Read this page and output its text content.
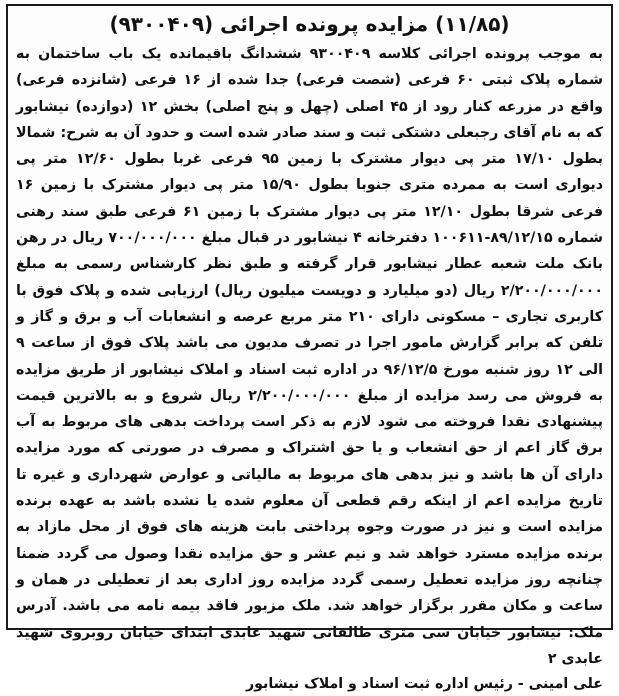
(۱۱/۸۵) مزایده پرونده اجرائی (۹۳۰۰۴۰۹)

به موجب پرونده اجرائی کلاسه ۹۳۰۰۴۰۹ ششدانگ باقیمانده یک باب ساختمان به شماره پلاک ثبتی ۶۰ فرعی (شصت فرعی) جدا شده از ۱۶ فرعی (شانزده فرعی) واقع در مزرعه کنار رود از ۴۵ اصلی (چهل و پنج اصلی) بخش ۱۲ (دوازده) نیشابور که به نام آقای رجبعلی دشتکی ثبت و سند صادر شده است و حدود آن به شرح: شمالا بطول ۱۷/۱۰ متر پی دیوار مشترک با زمین ۹۵ فرعی غربا بطول ۱۲/۶۰ متر پی دیواری است به ممرده متری جنوبا بطول ۱۵/۹۰ متر پی دیوار مشترک با زمین ۱۶ فرعی شرقا بطول ۱۲/۱۰ متر پی دیوار مشترک با زمین ۶۱ فرعی طبق سند رهنی شماره ۸۹/۱۲/۱۵-۱۰۰۶۱۱ دفترخانه ۴ نیشابور در قبال مبلغ ۷۰۰/۰۰۰/۰۰۰ ریال در رهن بانک ملت شعبه عطار نیشابور قرار گرفته و طبق نظر کارشناس رسمی به مبلغ ۲/۲۰۰/۰۰۰/۰۰۰ ریال (دو میلیارد و دویست میلیون ریال) ارزیابی شده و پلاک فوق با کاربری تجاری – مسکونی دارای ۲۱۰ متر مربع عرصه و انشعابات آب و برق و گاز و تلفن که برابر گزارش مامور اجرا در تصرف مدیون می باشد پلاک فوق از ساعت ۹ الی ۱۲ روز شنبه مورخ ۹۶/۱۲/۵ در اداره ثبت اسناد و املاک نیشابور از طریق مزایده به فروش می رسد مزایده از مبلغ ۲/۲۰۰/۰۰۰/۰۰۰ ریال شروع و به بالاترین قیمت پیشنهادی نقدا فروخته می شود لازم به ذکر است پرداخت بدهی های مربوط به آب برق گاز اعم از حق انشعاب و یا حق اشتراک و مصرف در صورتی که مورد مزایده دارای آن ها باشد و نیز بدهی های مربوط به مالیاتی و عوارض شهرداری و غیره تا تاریخ مزایده اعم از اینکه رقم قطعی آن معلوم شده یا نشده باشد به عهده برنده مزایده است و نیز در صورت وجوه پرداختی بابت هزینه های فوق از محل مازاد به برنده مزایده مسترد خواهد شد و نیم عشر و حق مزایده نقدا وصول می گردد ضمنا چنانچه روز مزایده تعطیل رسمی گردد مزایده روز اداری بعد از تعطیلی در همان و ساعت و مکان مقرر برگزار خواهد شد. ملک مزبور فاقد بیمه نامه می باشد. آدرس ملک: نیشابور خیابان سی متری طالقانی شهید عابدی ابتدای خیابان روبروی شهید عابدی ۲

علی امینی - رئیس اداره ثبت اسناد و املاک نیشابور
